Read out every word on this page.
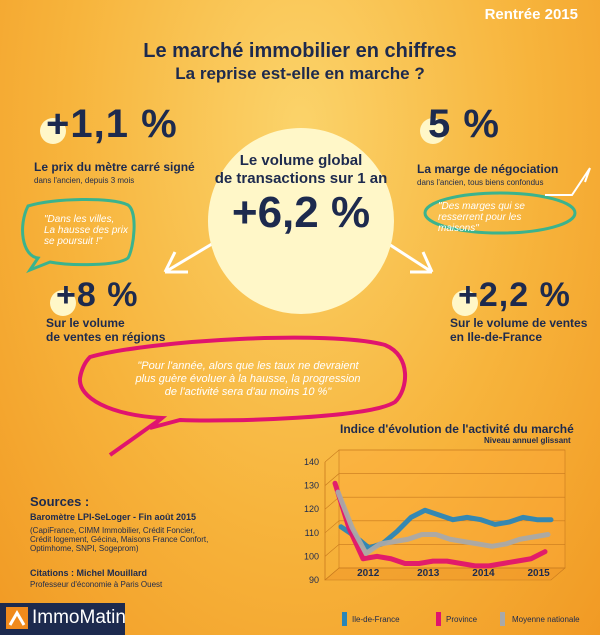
Rentrée 2015
Le marché immobilier en chiffres
La reprise est-elle en marche ?
Le volume global
de transactions sur 1 an
+6,2 %
+1,1 %
Le prix du mètre carré signé
dans l'ancien, depuis 3 mois
"Dans les villes, La hausse des prix se poursuit !"
5 %
La marge de négociation
dans l'ancien, tous biens confondus
"Des marges qui se resserrent pour les maisons"
+8 %
Sur le volume
de ventes en régions
+2,2 %
Sur le volume de ventes
en Ile-de-France
"Pour l'année, alors que les taux ne devraient
plus guère évoluer à la hausse, la progression
de l'activité sera d'au moins 10 %"
Indice d'évolution de l'activité du marché
Niveau annuel glissant
140
130
120
110
100
90
2012	2013	2014	2015
Ile-de-France	Province	Moyenne nationale
Sources :
Baromètre LPI-SeLoger - Fin août 2015
(CapiFrance, CIMM Immobilier, Crédit Foncier,
Crédit logement, Gécina, Maisons France Confort,
Optimhome, SNPI, Sogeprom)
Citations : Michel Mouillard
Professeur d'économie à Paris Ouest
ImmoMatin
